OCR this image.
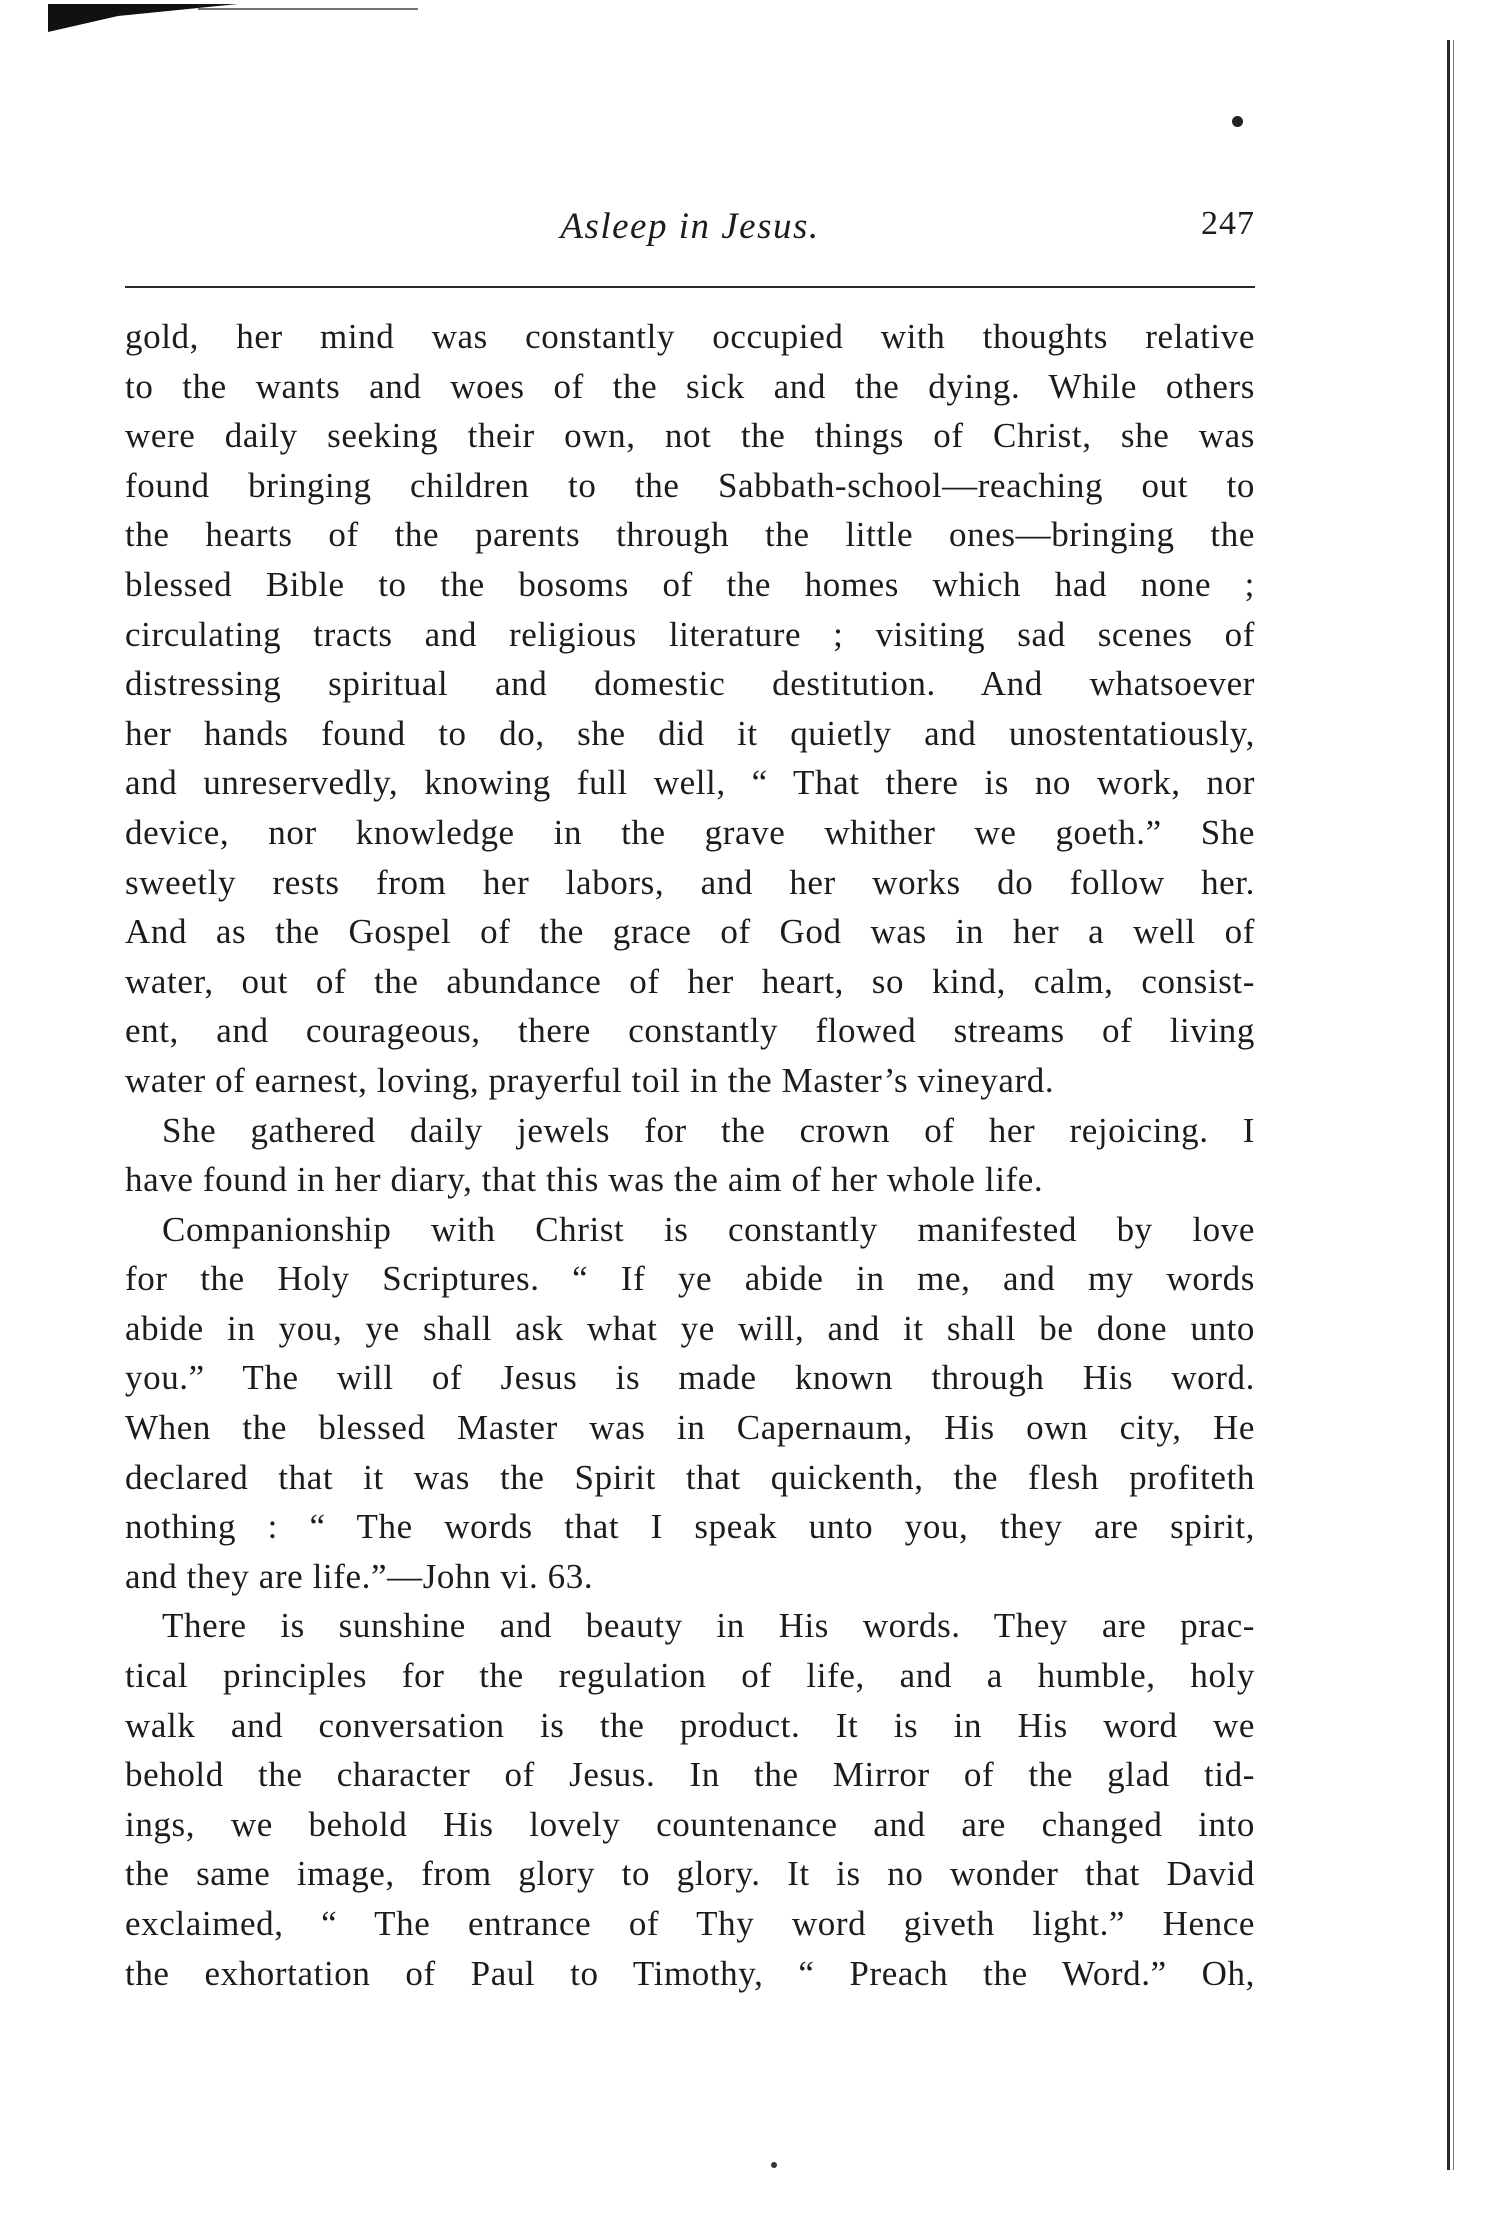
Asleep in Jesus.	247
gold, her mind was constantly occupied with thoughts relative
to the wants and woes of the sick and the dying. While others
were daily seeking their own, not the things of Christ, she was
found bringing children to the Sabbath-school—reaching out to
the hearts of the parents through the little ones—bringing the
blessed Bible to the bosoms of the homes which had none ;
circulating tracts and religious literature ; visiting sad scenes of
distressing spiritual and domestic destitution. And whatsoever
her hands found to do, she did it quietly and unostentatiously,
and unreservedly, knowing full well, “ That there is no work, nor
device, nor knowledge in the grave whither we goeth.” She
sweetly rests from her labors, and her works do follow her.
And as the Gospel of the grace of God was in her a well of
water, out of the abundance of her heart, so kind, calm, consist-
ent, and courageous, there constantly flowed streams of living
water of earnest, loving, prayerful toil in the Master’s vineyard.
She gathered daily jewels for the crown of her rejoicing. I
have found in her diary, that this was the aim of her whole life.
Companionship with Christ is constantly manifested by love
for the Holy Scriptures. “ If ye abide in me, and my words
abide in you, ye shall ask what ye will, and it shall be done unto
you.” The will of Jesus is made known through His word.
When the blessed Master was in Capernaum, His own city, He
declared that it was the Spirit that quickenth, the flesh profiteth
nothing : “ The words that I speak unto you, they are spirit,
and they are life.”—John vi. 63.
There is sunshine and beauty in His words. They are prac-
tical principles for the regulation of life, and a humble, holy
walk and conversation is the product. It is in His word we
behold the character of Jesus. In the Mirror of the glad tid-
ings, we behold His lovely countenance and are changed into
the same image, from glory to glory. It is no wonder that David
exclaimed, “ The entrance of Thy word giveth light.” Hence
the exhortation of Paul to Timothy, “ Preach the Word.” Oh,
